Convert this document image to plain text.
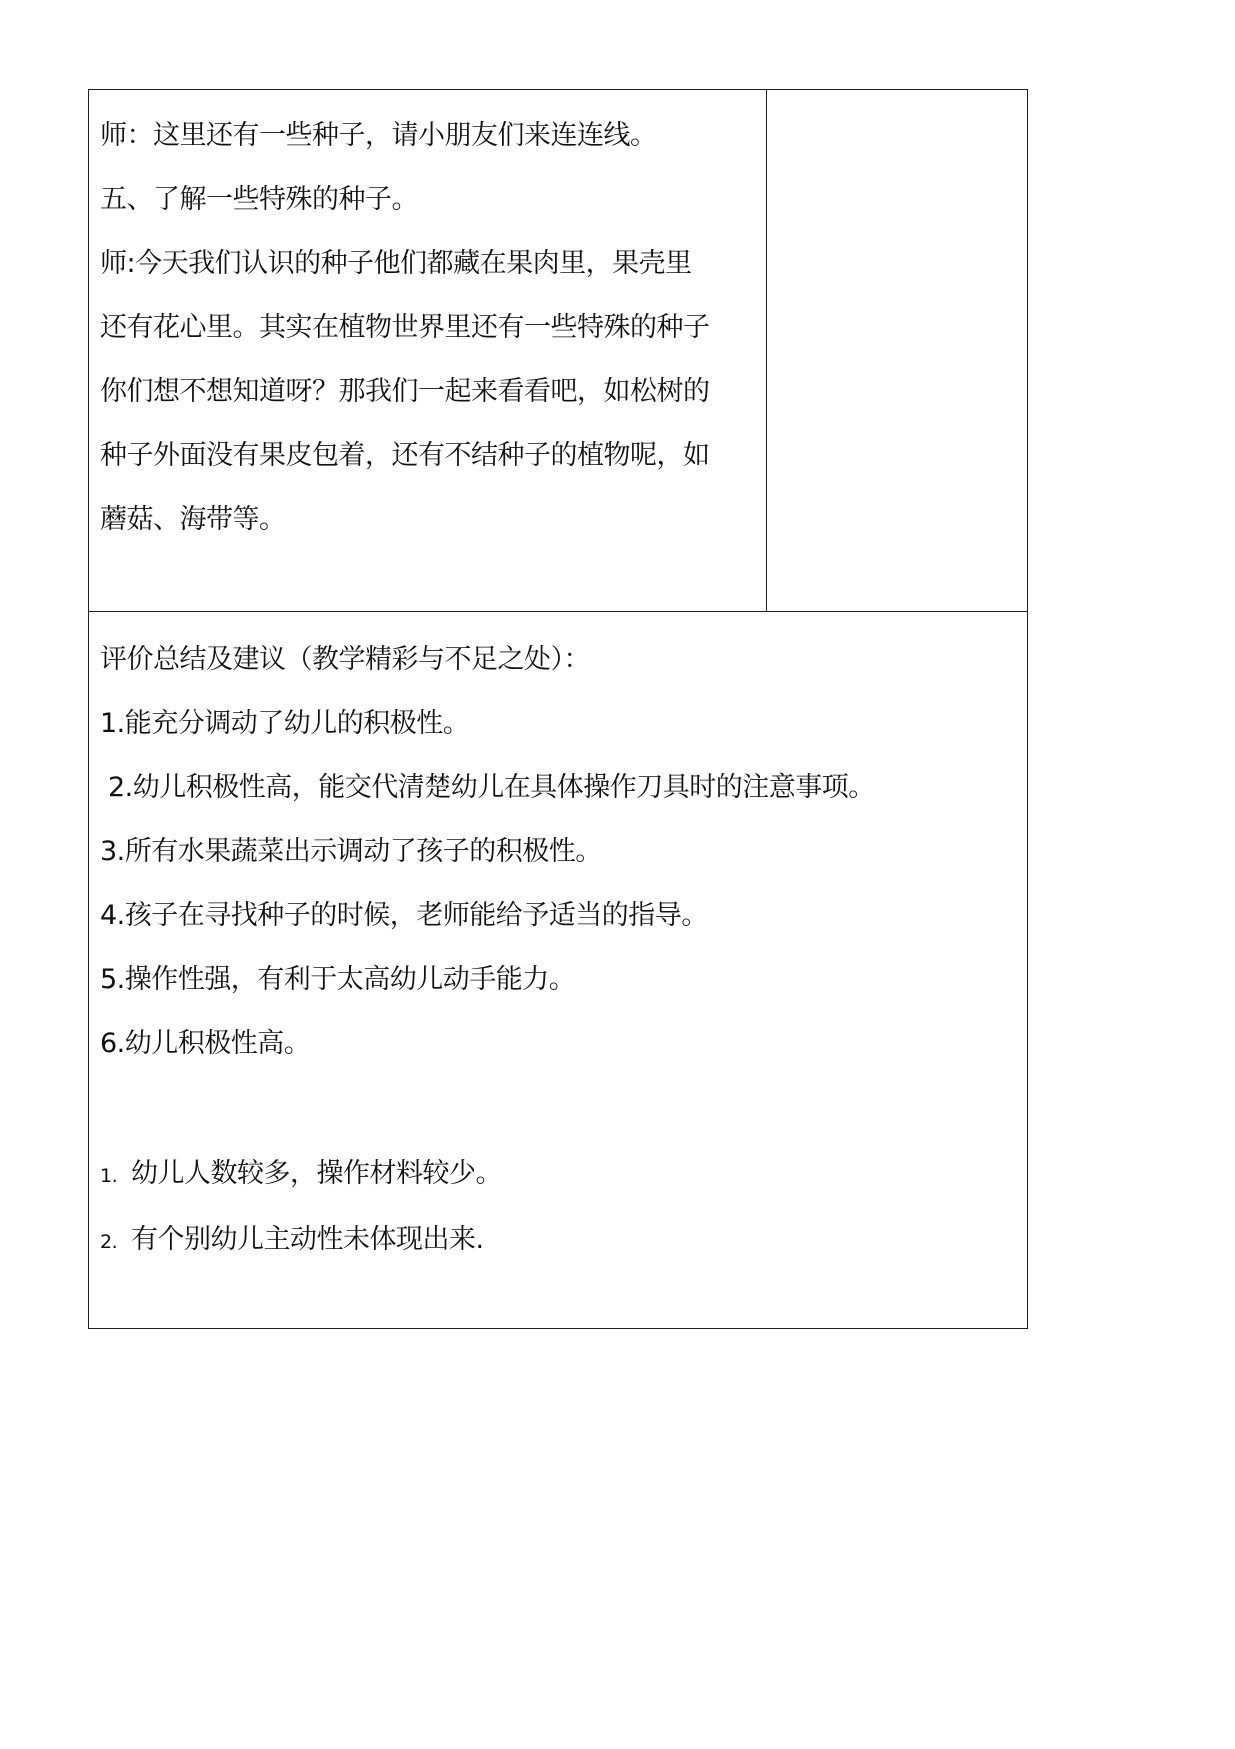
师：这里还有一些种子，请小朋友们来连连线。
五、了解一些特殊的种子。
师:今天我们认识的种子他们都藏在果肉里，果壳里
还有花心里。其实在植物世界里还有一些特殊的种子
你们想不想知道呀？那我们一起来看看吧，如松树的
种子外面没有果皮包着，还有不结种子的植物呢，如
蘑菇、海带等。
评价总结及建议（教学精彩与不足之处）：
1.能充分调动了幼儿的积极性。
2.幼儿积极性高，能交代清楚幼儿在具体操作刀具时的注意事项。
3.所有水果蔬菜出示调动了孩子的积极性。
4.孩子在寻找种子的时候，老师能给予适当的指导。
5.操作性强，有利于太高幼儿动手能力。
6.幼儿积极性高。
1. 幼儿人数较多，操作材料较少。
2. 有个别幼儿主动性未体现出来.
